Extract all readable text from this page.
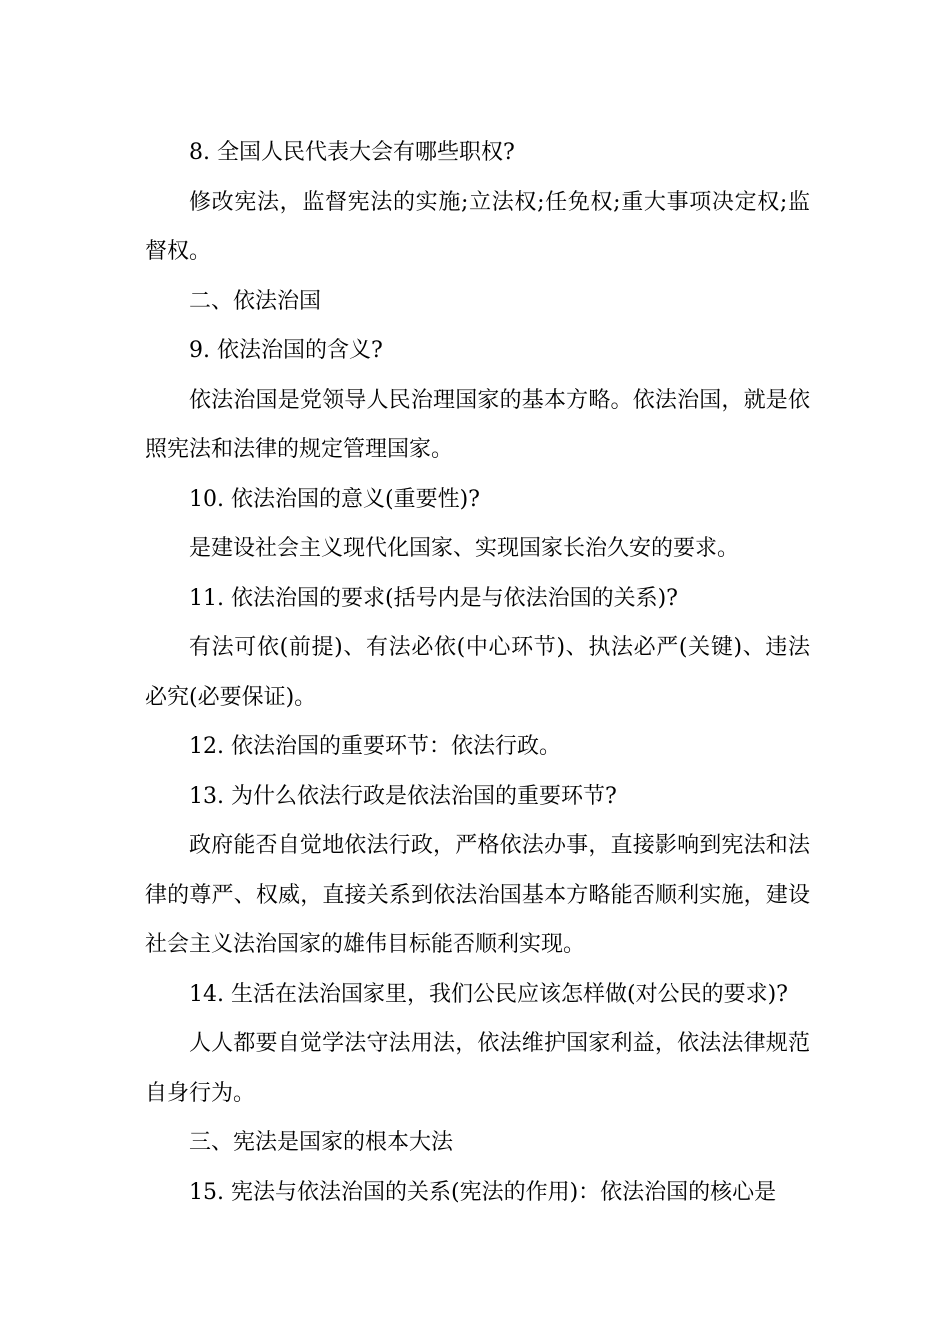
8. 全国人民代表大会有哪些职权?

修改宪法，监督宪法的实施;立法权;任免权;重大事项决定权;监督权。

二、依法治国

9. 依法治国的含义?

依法治国是党领导人民治理国家的基本方略。依法治国，就是依照宪法和法律的规定管理国家。

10. 依法治国的意义(重要性)?

是建设社会主义现代化国家、实现国家长治久安的要求。

11. 依法治国的要求(括号内是与依法治国的关系)?

有法可依(前提)、有法必依(中心环节)、执法必严(关键)、违法必究(必要保证)。

12. 依法治国的重要环节：依法行政。

13. 为什么依法行政是依法治国的重要环节?

政府能否自觉地依法行政，严格依法办事，直接影响到宪法和法律的尊严、权威，直接关系到依法治国基本方略能否顺利实施，建设社会主义法治国家的雄伟目标能否顺利实现。

14. 生活在法治国家里，我们公民应该怎样做(对公民的要求)?

人人都要自觉学法守法用法，依法维护国家利益，依法法律规范自身行为。

三、宪法是国家的根本大法

15. 宪法与依法治国的关系(宪法的作用)：依法治国的核心是
